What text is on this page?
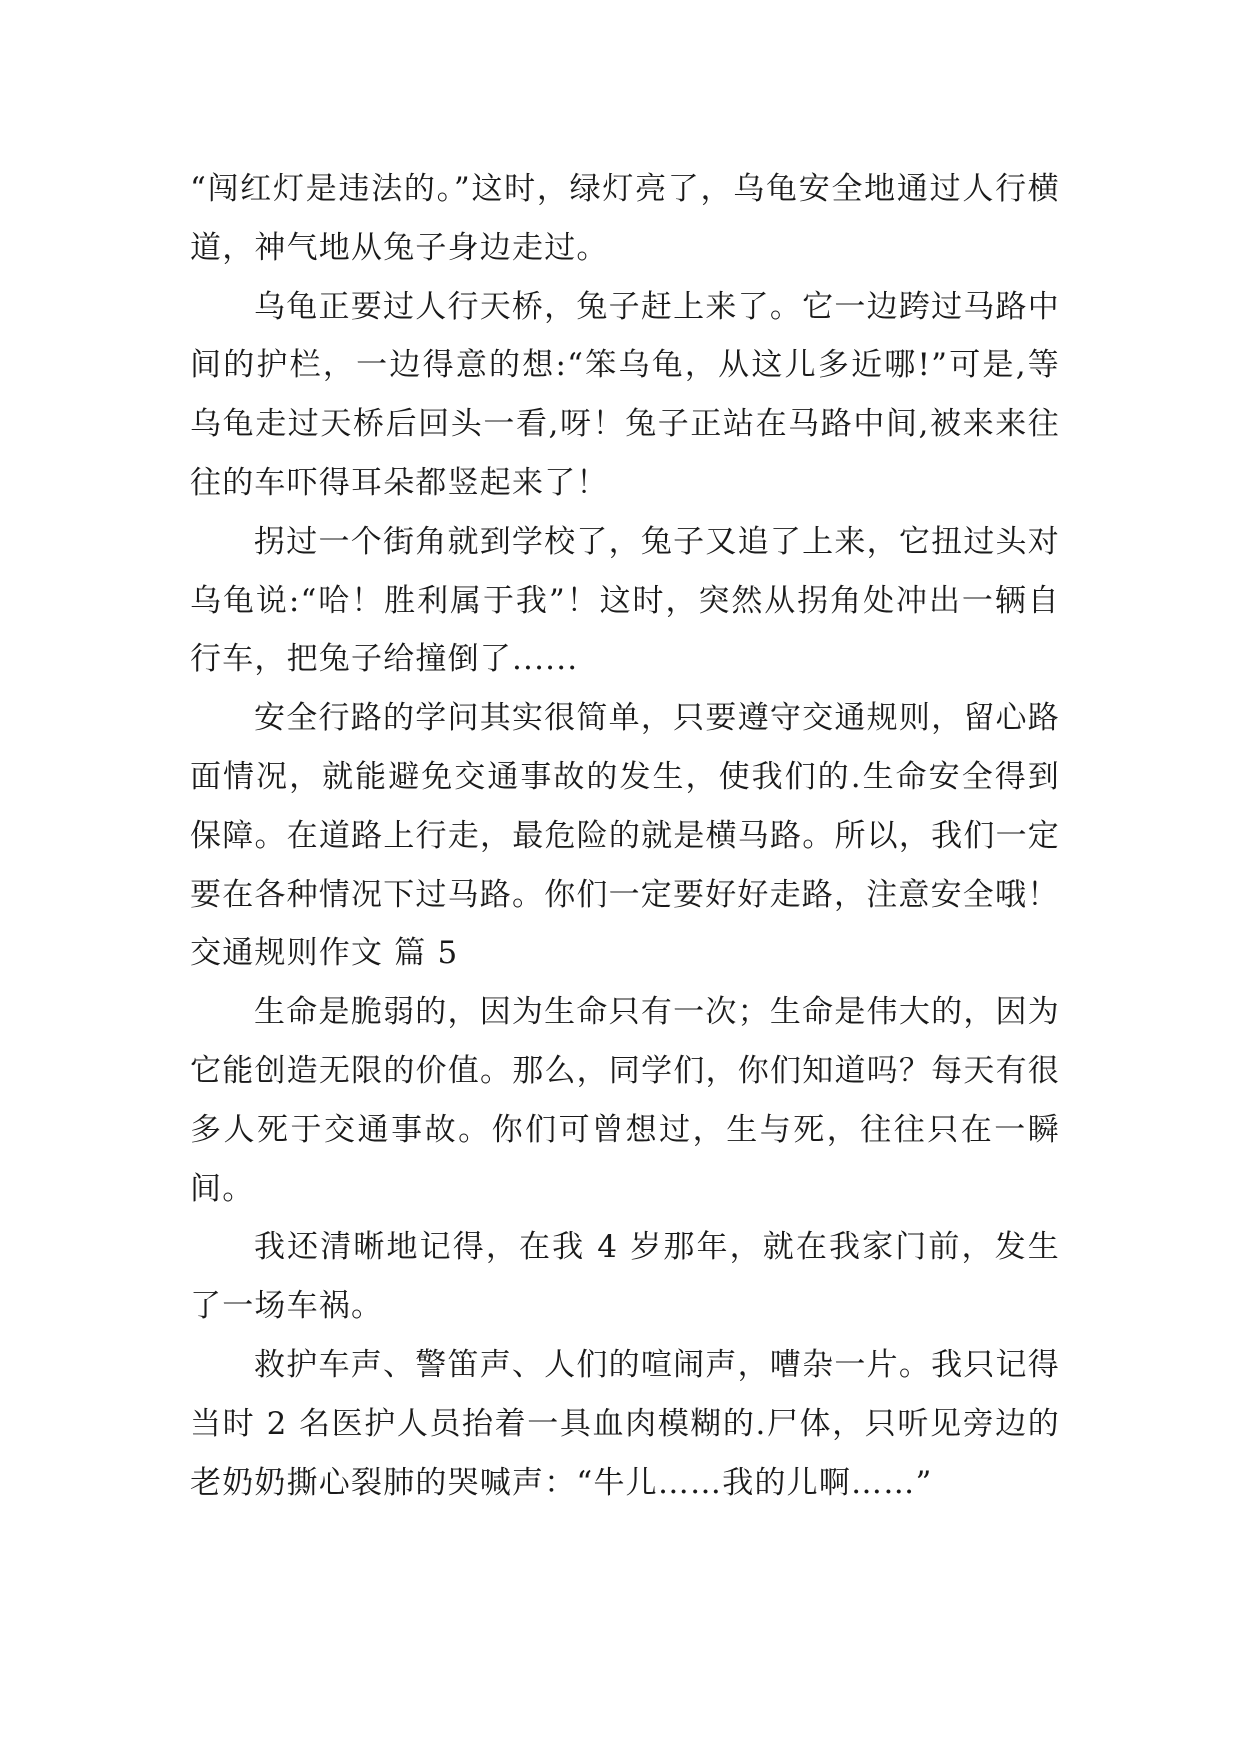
“闯红灯是违法的。”这时，绿灯亮了，乌龟安全地通过人行横道，神气地从兔子身边走过。

乌龟正要过人行天桥，兔子赶上来了。它一边跨过马路中间的护栏，一边得意的想:“笨乌龟，从这儿多近哪!”可是,等乌龟走过天桥后回头一看,呀！兔子正站在马路中间,被来来往往的车吓得耳朵都竖起来了！

拐过一个街角就到学校了，兔子又追了上来，它扭过头对乌龟说:“哈！胜利属于我”！这时，突然从拐角处冲出一辆自行车，把兔子给撞倒了......

安全行路的学问其实很简单，只要遵守交通规则，留心路面情况，就能避免交通事故的发生，使我们的.生命安全得到保障。在道路上行走，最危险的就是横马路。所以，我们一定要在各种情况下过马路。你们一定要好好走路，注意安全哦！

交通规则作文 篇 5

生命是脆弱的，因为生命只有一次；生命是伟大的，因为它能创造无限的价值。那么，同学们，你们知道吗？每天有很多人死于交通事故。你们可曾想过，生与死，往往只在一瞬间。

我还清晰地记得，在我 4 岁那年，就在我家门前，发生了一场车祸。

救护车声、警笛声、人们的喧闹声，嘈杂一片。我只记得当时 2 名医护人员抬着一具血肉模糊的.尸体，只听见旁边的老奶奶撕心裂肺的哭喊声：“牛儿……我的儿啊……”
